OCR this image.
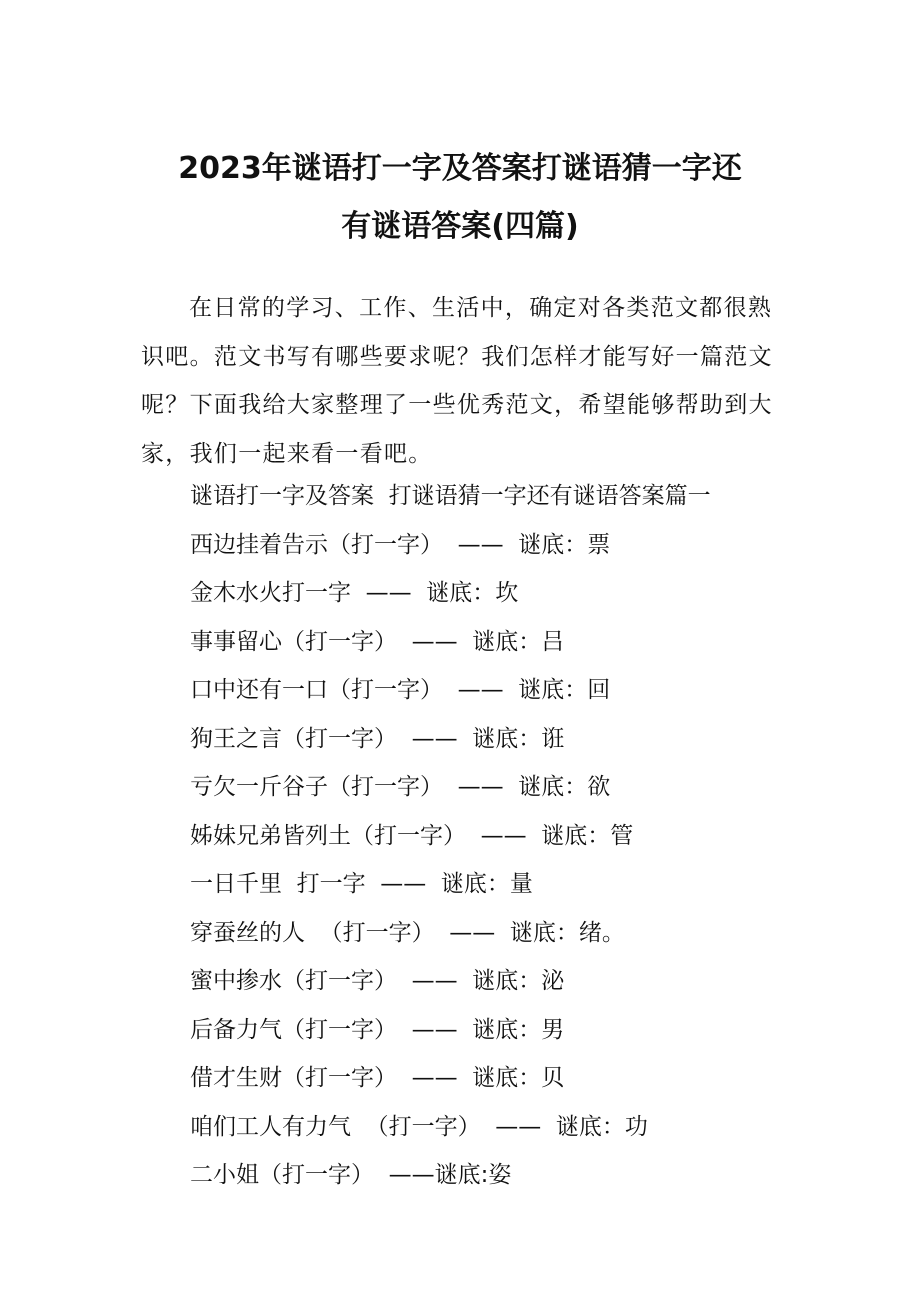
2023年谜语打一字及答案打谜语猜一字还
有谜语答案(四篇)

在日常的学习、工作、生活中，确定对各类范文都很熟识吧。范文书写有哪些要求呢？我们怎样才能写好一篇范文呢？下面我给大家整理了一些优秀范文，希望能够帮助到大家，我们一起来看一看吧。

谜语打一字及答案  打谜语猜一字还有谜语答案篇一
西边挂着告示（打一字）  ——  谜底：票
金木水火打一字  ——  谜底：坎
事事留心（打一字）  ——  谜底：吕
口中还有一口（打一字）  ——  谜底：回
狗王之言（打一字）  ——  谜底：诳
亏欠一斤谷子（打一字）  ——  谜底：欲
姊妹兄弟皆列土（打一字）  ——  谜底：管
一日千里  打一字  ——  谜底：量
穿蚕丝的人  （打一字）  ——  谜底：绪。
蜜中掺水（打一字）  ——  谜底：泌
后备力气（打一字）  ——  谜底：男
借才生财（打一字）  ——  谜底：贝
咱们工人有力气  （打一字）  ——  谜底：功
二小姐（打一字）  ——谜底:姿
